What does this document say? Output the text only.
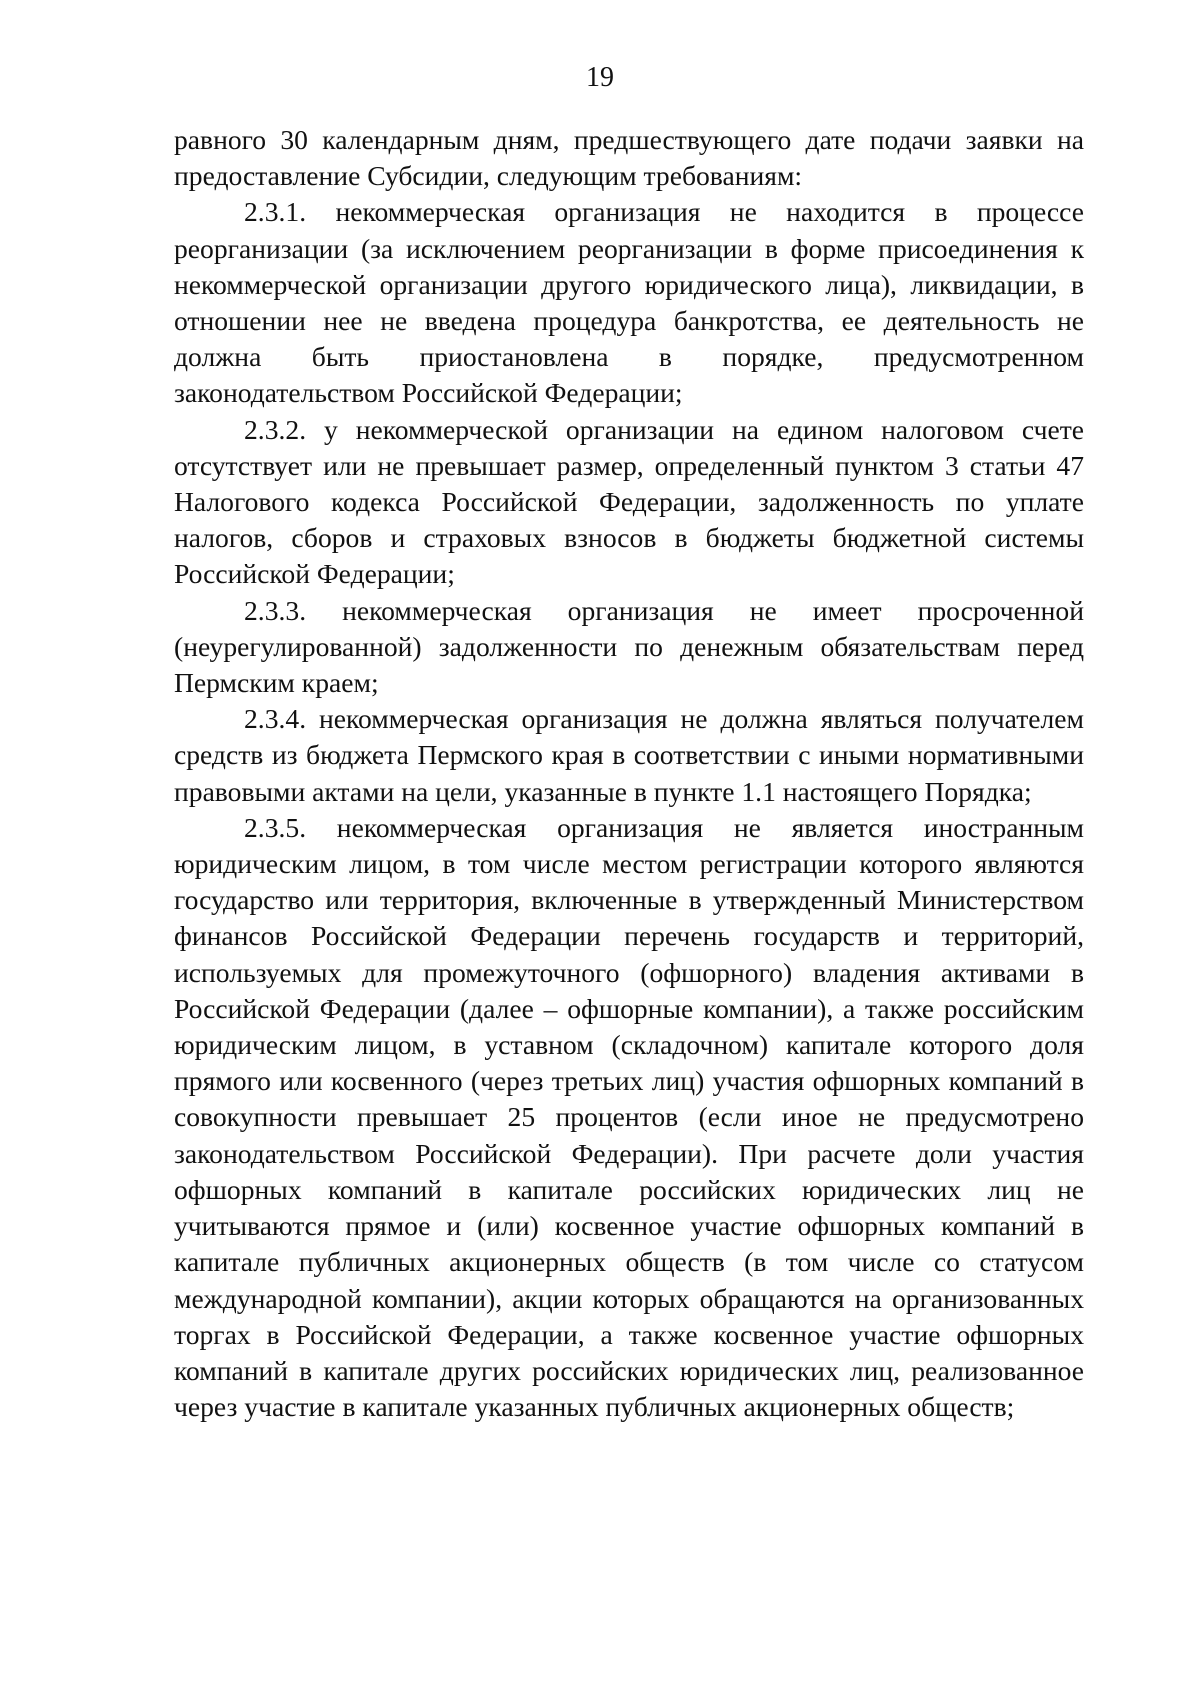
19

равного 30 календарным дням, предшествующего дате подачи заявки на предоставление Субсидии, следующим требованиям:

2.3.1. некоммерческая организация не находится в процессе реорганизации (за исключением реорганизации в форме присоединения к некоммерческой организации другого юридического лица), ликвидации, в отношении нее не введена процедура банкротства, ее деятельность не должна быть приостановлена в порядке, предусмотренном законодательством Российской Федерации;

2.3.2. у некоммерческой организации на едином налоговом счете отсутствует или не превышает размер, определенный пунктом 3 статьи 47 Налогового кодекса Российской Федерации, задолженность по уплате налогов, сборов и страховых взносов в бюджеты бюджетной системы Российской Федерации;

2.3.3. некоммерческая организация не имеет просроченной (неурегулированной) задолженности по денежным обязательствам перед Пермским краем;

2.3.4. некоммерческая организация не должна являться получателем средств из бюджета Пермского края в соответствии с иными нормативными правовыми актами на цели, указанные в пункте 1.1 настоящего Порядка;

2.3.5. некоммерческая организация не является иностранным юридическим лицом, в том числе местом регистрации которого являются государство или территория, включенные в утвержденный Министерством финансов Российской Федерации перечень государств и территорий, используемых для промежуточного (офшорного) владения активами в Российской Федерации (далее – офшорные компании), а также российским юридическим лицом, в уставном (складочном) капитале которого доля прямого или косвенного (через третьих лиц) участия офшорных компаний в совокупности превышает 25 процентов (если иное не предусмотрено законодательством Российской Федерации). При расчете доли участия офшорных компаний в капитале российских юридических лиц не учитываются прямое и (или) косвенное участие офшорных компаний в капитале публичных акционерных обществ (в том числе со статусом международной компании), акции которых обращаются на организованных торгах в Российской Федерации, а также косвенное участие офшорных компаний в капитале других российских юридических лиц, реализованное через участие в капитале указанных публичных акционерных обществ;
